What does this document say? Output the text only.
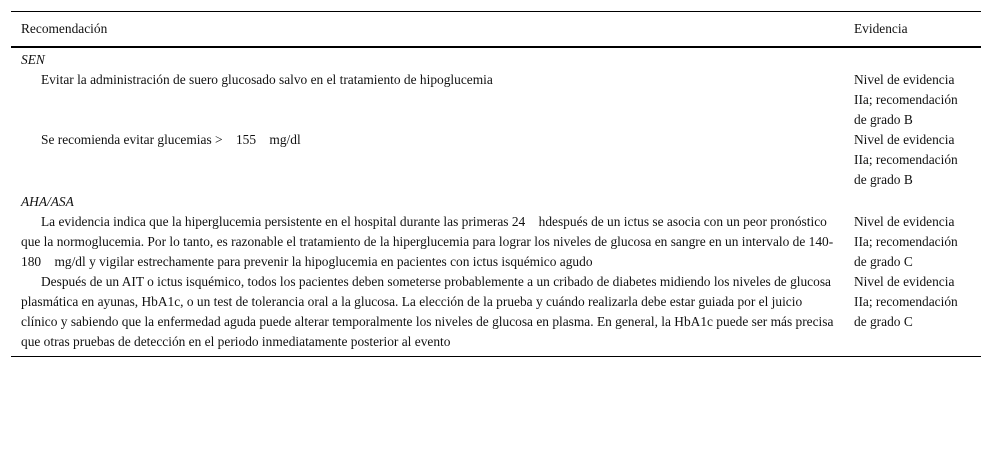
Recomendación	Evidencia
SEN	
Evitar la administración de suero glucosado salvo en el tratamiento de hipoglucemia	Nivel de evidencia IIa; recomendación de grado B
Se recomienda evitar glucemias > 155 mg/dl	Nivel de evidencia IIa; recomendación de grado B
AHA/ASA	
La evidencia indica que la hiperglucemia persistente en el hospital durante las primeras 24 hdespués de un ictus se asocia con un peor pronóstico que la normoglucemia. Por lo tanto, es razonable el tratamiento de la hiperglucemia para lograr los niveles de glucosa en sangre en un intervalo de 140-180 mg/dl y vigilar estrechamente para prevenir la hipoglucemia en pacientes con ictus isquémico agudo	Nivel de evidencia IIa; recomendación de grado C
Después de un AIT o ictus isquémico, todos los pacientes deben someterse probablemente a un cribado de diabetes midiendo los niveles de glucosa plasmática en ayunas, HbA1c, o un test de tolerancia oral a la glucosa. La elección de la prueba y cuándo realizarla debe estar guiada por el juicio clínico y sabiendo que la enfermedad aguda puede alterar temporalmente los niveles de glucosa en plasma. En general, la HbA1c puede ser más precisa que otras pruebas de detección en el periodo inmediatamente posterior al evento	Nivel de evidencia IIa; recomendación de grado C
